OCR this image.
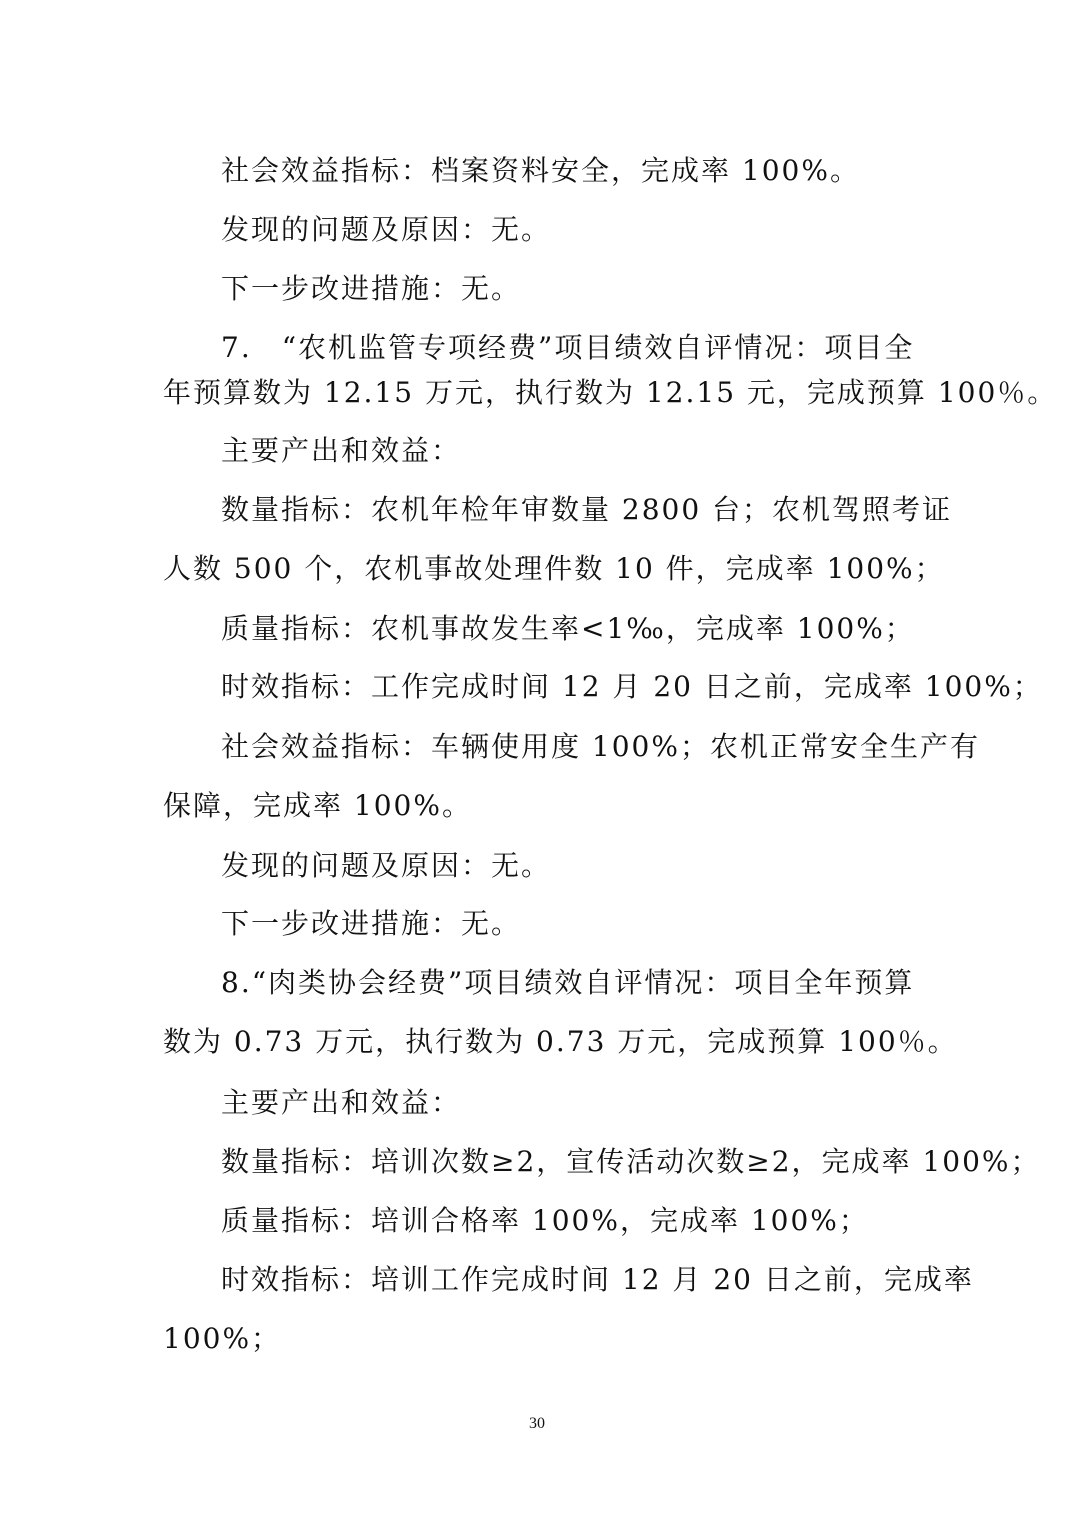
社会效益指标：档案资料安全，完成率 100%。
发现的问题及原因：无。
下一步改进措施：无。
7.　“农机监管专项经费”项目绩效自评情况：项目全
年预算数为 12.15 万元，执行数为 12.15 元，完成预算 100％。
主要产出和效益：
数量指标：农机年检年审数量 2800 台；农机驾照考证
人数 500 个，农机事故处理件数 10 件，完成率 100%；
质量指标：农机事故发生率<1‰，完成率 100%；
时效指标：工作完成时间 12 月 20 日之前，完成率 100%；
社会效益指标：车辆使用度 100%；农机正常安全生产有
保障，完成率 100%。
发现的问题及原因：无。
下一步改进措施：无。
8.“肉类协会经费”项目绩效自评情况：项目全年预算
数为 0.73 万元，执行数为 0.73 万元，完成预算 100％。
主要产出和效益：
数量指标：培训次数≥2，宣传活动次数≥2，完成率 100%；
质量指标：培训合格率 100%，完成率 100%；
时效指标：培训工作完成时间 12 月 20 日之前，完成率
100%；
30
